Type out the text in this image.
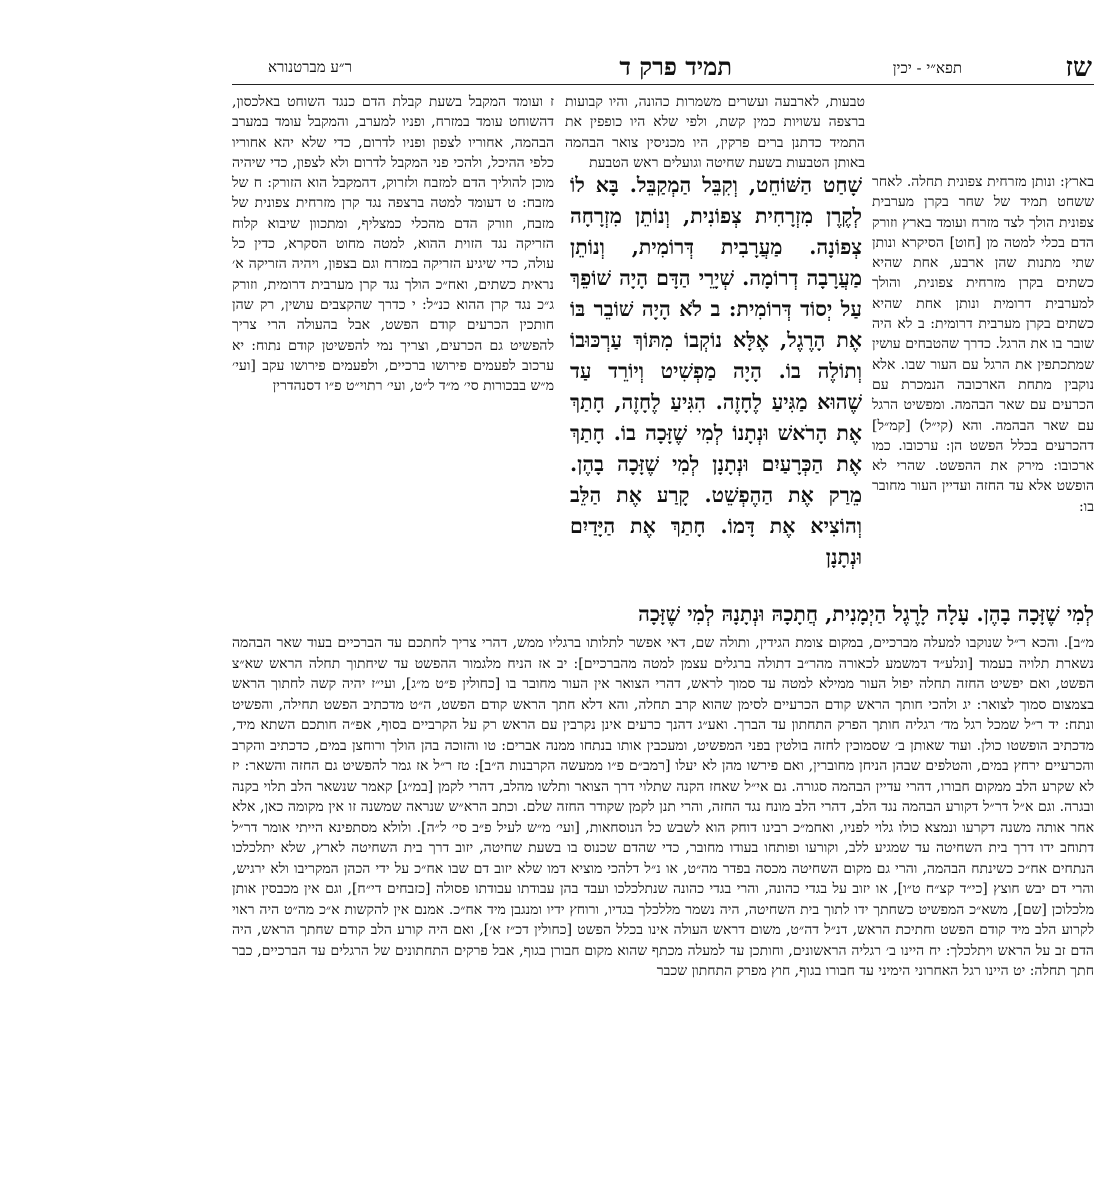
שז
תפא״י - יכין
תמיד פרק ד
ר״ע מברטנורא

ז ועומד המקבל בשעת קבלת הדם כנגד השוחט באלכסון, דהשוחט עומד במזרח, ופניו למערב, והמקבל עומד במערב הבהמה, אחוריו לצפון ופניו לדרום, כדי שלא יהא אחוריו כלפי ההיכל, ולהכי פני המקבל לדרום ולא לצפון, כדי שיהיה מוכן להוליך הדם למזבח ולזרוק, דהמקבל הוא הזורק: ח של מזבח: ט דעומד למטה ברצפה נגד קרן מזרחית צפונית של מזבח, וזורק הדם מהכלי כמצליף, ומתכוון שיבוא קלוח הזריקה נגד הזוית ההוא, למטה מחוט הסקרא, כדין כל עולה, כדי שיגיע הזריקה במזרח וגם בצפון, ויהיה הזריקה א׳ נראית כשתים, ואח״כ הולך נגד קרן מערבית דרומית, וזורק ג״כ נגד קרן ההוא כנ״ל: י כדרך שהקצבים עושין, רק שהן חותכין הכרעים קודם הפשט, אבל בהעולה הרי צריך להפשיט גם הכרעים, וצריך נמי להפשיטן קודם נתוח: יא ערכוב לפעמים פירושו ברכיים, ולפעמים פירושו עקב [ועי׳ מ״ש בבכורות סי׳ מ״ד ל״ט, ועי׳ רתוי״ט פ״ו דסנהדרין

טבעות, לארבעה ועשרים משמרות כהונה, והיו קבועות ברצפה עשויות כמין קשת, ולפי שלא היו כופפין את התמיד כדתנן ברים פרקין, היו מכניסין צואר הבהמה באותן הטבעות בשעת שחיטה וגועלים ראש הטבעת

שָׁחַט הַשּׁוֹחֵט, וְקִבֵּל הַמְקַבֵּל. בָּא לוֹ לְקֶרֶן מִזְרָחִית צְפוֹנִית, וְנוֹתֵן מִזְרָחָה צְפוֹנָה. מַעֲרָבִית דְּרוֹמִית, וְנוֹתֵן מַעֲרָבָה דְרוֹמָה. שְׁיָרֵי הַדָּם הָיָה שׁוֹפֵךְ עַל יְסוֹד דְּרוֹמִית: ב לֹא הָיָה שׁוֹבֵר בּוֹ אֶת הָרֶגֶל, אֶלָּא נוֹקְבוֹ מִתּוֹךְ עַרְכּוּבוֹ וְתוֹלֶה בוֹ. הָיָה מַפְשִׁיט וְיוֹרֵד עַד שֶׁהוּא מַגִּיעַ לֶחָזֶה. הִגִּיעַ לֶחָזֶה, חָתַךְ אֶת הָרֹאשׁ וּנְתָנוֹ לְמִי שֶׁזָּכָה בוֹ. חָתַךְ אֶת הַכְּרָעַיִם וּנְתָנָן לְמִי שֶׁזָּכָה בָהֶן. מֵרַק אֶת הַהֶפְשֵׁט. קָרַע אֶת הַלֵּב וְהוֹצִיא אֶת דָּמוֹ. חָתַךְ אֶת הַיָּדַיִם וּנְתָנָן

בארץ: ונותן מזרחית צפונית תחלה. לאחר ששחט תמיד של שחר בקרן מערבית צפונית הולך לצד מזרח ועומד בארץ וזורק הדם בכלי למטה מן [חוט] הסיקרא ונותן שתי מתנות שהן ארבע, אחת שהיא כשתים בקרן מזרחית צפונית, והולך למערבית דרומית ונותן אחת שהיא כשתים בקרן מערבית דרומית: ב לא היה שובר בו את הרגל. כדרך שהטבחים עושין שמתכתפין את הרגל עם העור שבו. אלא נוקבין מתחת הארכובה הנמכרת עם הכרעים עם שאר הבהמה. ומפשיט הרגל עם שאר הבהמה. והא (קי״ל) [קמ״ל] דהכרעים בכלל הפשט הן: ערכובו. כמו ארכובו: מירק את ההפשט. שהרי לא הופשט אלא עד החזה ועדיין העור מחובר בו:

לְמִי שֶׁזָּכָה בָהֶן. עָלָה לָרֶגֶל הַיְמָנִית, חֲתָכָהּ וּנְתָנָהּ לְמִי שֶׁזָּכָה

מ״ב]. והכא ר״ל שנוקבו למעלה מברכיים, במקום צומת הגידין, ותולה שם, דאי אפשר לתלותו ברגליו ממש, דהרי צריך לחתכם עד הברכיים בעוד שאר הבהמה נשארת תלויה בעמוד [ונלע״ד דמשמע לכאורה מהר״ב דתולה ברגלים עצמן למטה מהברכיים]: יב אז הניח מלגמור ההפשט עד שיחתוך תחלה הראש שא״צ הפשט, ואם יפשיט החזה תחלה יפול העור ממילא למטה עד סמוך לראש, דהרי הצואר אין העור מחובר בו [כחולין פ״ט מ״ג], ועי״ז יהיה קשה לחתוך הראש בצמצום סמוך לצואר: יג ולהכי חותך הראש קודם הכרעיים לסימן שהוא קרב תחלה, והא דלא חתך הראש קודם הפשט, ה״ט מדכתיב הפשט תחילה, והפשיט ונתח: יד ר״ל שמכל רגל מד׳ רגליה חותך הפרק התחתון עד הברך. ואע״ג דהנך כרעים אינן נקרבין עם הראש רק על הקרביים בסוף, אפ״ה חותכם השתא מיד, מדכתיב הופשטו כולן. ועוד שאותן ב׳ שסמוכין לחזה בולטין בפני המפשיט, ומעכבין אותו בנתחו ממנה אברים: טו והזוכה בהן הולך ורוחצן במים, כדכתיב והקרב והכרעיים ירחץ במים, והטלפים שבהן הניחן מחוברין, ואם פירשו מהן לא יעלו [רמב״ם פ״ו ממעשה הקרבנות ה״ב]: טז ר״ל אז גמר להפשיט גם החזה והשאר: יז לא שקרע הלב ממקום חבורו, דהרי עדיין הבהמה סגורה. גם אי״ל שאחז הקנה שתלוי דרך הצואר ותלשו מהלב, דהרי לקמן [במ״ג] קאמר שנשאר הלב תלוי בקנה ובגרה. וגם א״ל דר״ל דקורע הבהמה נגד הלב, דהרי הלב מונח נגד החזה, והרי תנן לקמן שקודר החזה שלם. וכתב הרא״ש שנראה שמשנה זו אין מקומה כאן, אלא אחר אותה משנה דקרעו ונמצא כולו גלוי לפניו, ואחמ״כ רבינו דוחק הוא לשבש כל הנוסחאות, [ועי׳ מ״ש לעיל פ״ב סי׳ ל״ה]. ולולא מסתפינא הייתי אומר דר״ל דתוחב ידו דרך בית השחיטה עד שמגיע ללב, וקורעו ופותחו בעודו מחובר, כדי שהדם שכנוס בו בשעת שחיטה, יזוב דרך בית השחיטה לארץ, שלא יתלכלכו הנתחים אח״כ כשינתח הבהמה, והרי גם מקום השחיטה מכסה בפדר מה״ט, או נ״ל דלהכי מוציא דמו שלא יזוב דם שבו אח״כ על ידי הכהן המקריבו ולא ירגיש, והרי דם יבש חוצץ [כי״ד קצ״ח ט״ו], או יזוב על בגדי כהונה, והרי בגדי כהונה שנתלכלכו ועבד בהן עבודתו עבודתו פסולה [כזבחים די״ח], וגם אין מכבסין אותן מלכלוכן [שם], משא״כ המפשיט כשחתך ידו לתוך בית השחיטה, היה נשמר מללכלך בגדיו, ורוחץ ידיו ומנגבן מיד אח״כ. אמנם אין להקשות א״כ מה״ט היה ראוי לקרוע הלב מיד קודם הפשט וחתיכת הראש, דנ״ל דה״ט, משום דראש העולה אינו בכלל הפשט [כחולין דכ״ז א׳], ואם היה קורע הלב קודם שחתך הראש, היה הדם זב על הראש ויתלכלך: יח היינו ב׳ רגליה הראשונים, וחותכן עד למעלה מכתף שהוא מקום חבורן בגוף, אבל פרקים התחתונים של הרגלים עד הברכיים, כבר חתך תחלה: יט היינו רגל האחרוני הימיני עד חבורו בגוף, חוץ מפרק התחתון שכבר
